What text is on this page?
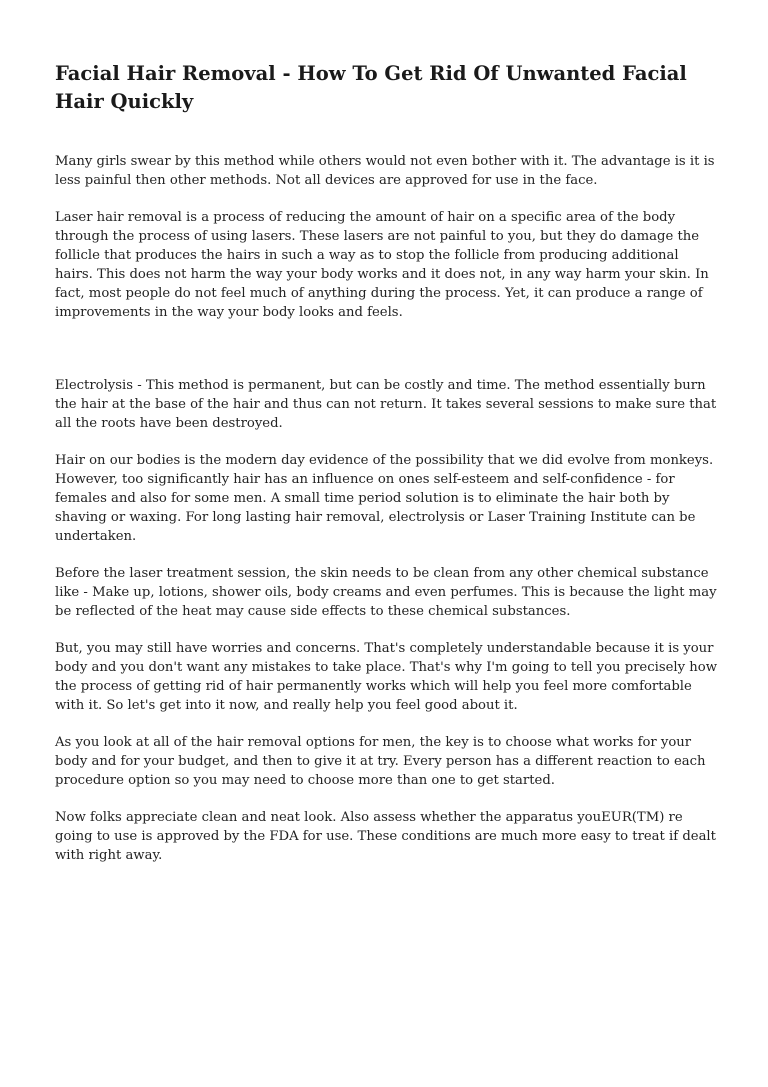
Facial Hair Removal - How To Get Rid Of Unwanted Facial Hair Quickly

Many girls swear by this method while others would not even bother with it. The advantage is it is less painful then other methods. Not all devices are approved for use in the face.

Laser hair removal is a process of reducing the amount of hair on a specific area of the body through the process of using lasers. These lasers are not painful to you, but they do damage the follicle that produces the hairs in such a way as to stop the follicle from producing additional hairs. This does not harm the way your body works and it does not, in any way harm your skin. In fact, most people do not feel much of anything during the process. Yet, it can produce a range of improvements in the way your body looks and feels.

Electrolysis - This method is permanent, but can be costly and time. The method essentially burn the hair at the base of the hair and thus can not return. It takes several sessions to make sure that all the roots have been destroyed.

Hair on our bodies is the modern day evidence of the possibility that we did evolve from monkeys. However, too significantly hair has an influence on ones self-esteem and self-confidence - for females and also for some men. A small time period solution is to eliminate the hair both by shaving or waxing. For long lasting hair removal, electrolysis or Laser Training Institute can be undertaken.

Before the laser treatment session, the skin needs to be clean from any other chemical substance like - Make up, lotions, shower oils, body creams and even perfumes. This is because the light may be reflected of the heat may cause side effects to these chemical substances.

But, you may still have worries and concerns. That's completely understandable because it is your body and you don't want any mistakes to take place. That's why I'm going to tell you precisely how the process of getting rid of hair permanently works which will help you feel more comfortable with it. So let's get into it now, and really help you feel good about it.

As you look at all of the hair removal options for men, the key is to choose what works for your body and for your budget, and then to give it at try. Every person has a different reaction to each procedure option so you may need to choose more than one to get started.

Now folks appreciate clean and neat look. Also assess whether the apparatus youEUR(TM) re going to use is approved by the FDA for use. These conditions are much more easy to treat if dealt with right away.
